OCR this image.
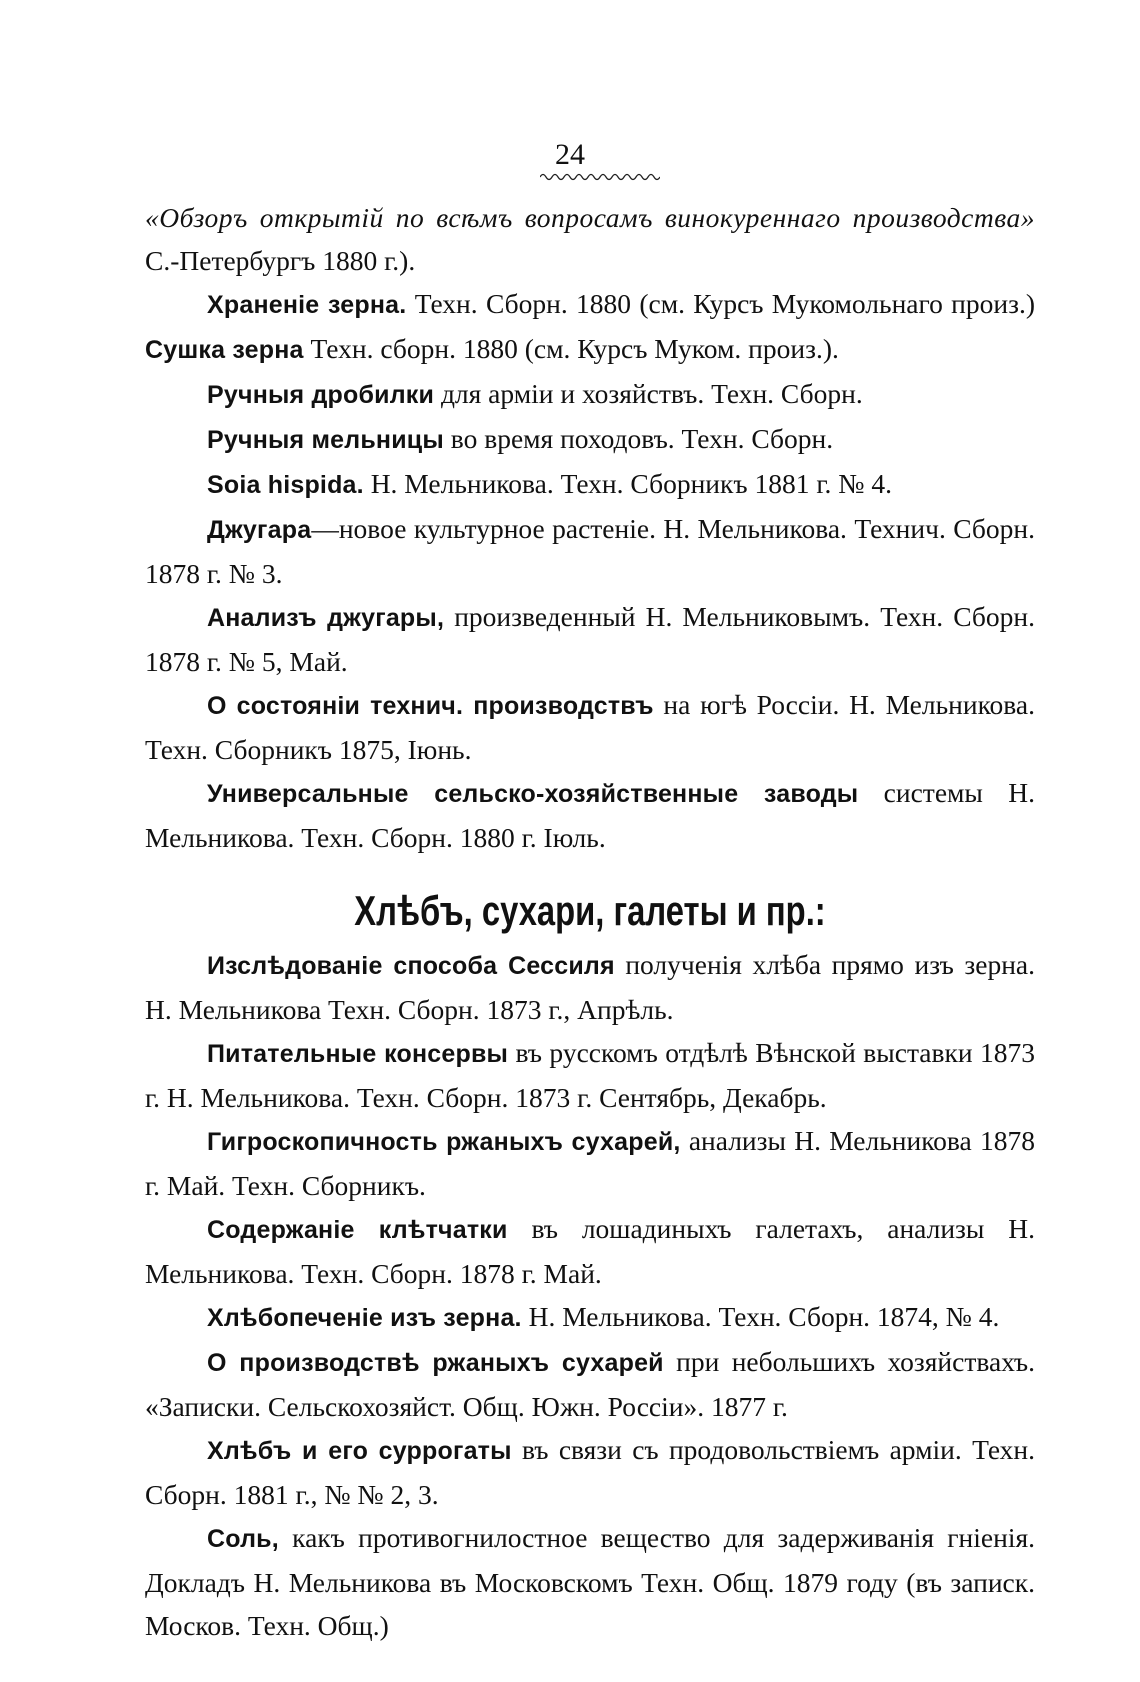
24

«Обзоръ открытій по всѣмъ вопросамъ винокуреннаго производства» С.-Петербургъ 1880 г.).

Храненіе зерна. Техн. Сборн. 1880 (см. Курсъ Мукомольнаго произ.) Сушка зерна Техн. сборн. 1880 (см. Курсъ Муком. произ.).

Ручныя дробилки для арміи и хозяйствъ. Техн. Сборн.

Ручныя мельницы во время походовъ. Техн. Сборн.

Soia hispida. Н. Мельникова. Техн. Сборникъ 1881 г. № 4.

Джугара—новое культурное растеніе. Н. Мельникова. Технич. Сборн. 1878 г. № 3.

Анализъ джугары, произведенный Н. Мельниковымъ. Техн. Сборн. 1878 г. № 5, Май.

О состояніи технич. производствъ на югѣ Россіи. Н. Мельникова. Техн. Сборникъ 1875, Іюнь.

Универсальные сельско-хозяйственные заводы системы Н. Мельникова. Техн. Сборн. 1880 г. Іюль.

Хлѣбъ, сухари, галеты и пр.:

Изслѣдованіе способа Сессиля полученія хлѣба прямо изъ зерна. Н. Мельникова Техн. Сборн. 1873 г., Апрѣль.

Питательные консервы въ русскомъ отдѣлѣ Вѣнской выставки 1873 г. Н. Мельникова. Техн. Сборн. 1873 г. Сентябрь, Декабрь.

Гигроскопичность ржаныхъ сухарей, анализы Н. Мельникова 1878 г. Май. Техн. Сборникъ.

Содержаніе клѣтчатки въ лошадиныхъ галетахъ, анализы Н. Мельникова. Техн. Сборн. 1878 г. Май.

Хлѣбопеченіе изъ зерна. Н. Мельникова. Техн. Сборн. 1874, № 4.

О производствѣ ржаныхъ сухарей при небольшихъ хозяйствахъ. «Записки. Сельскохозяйст. Общ. Южн. Россіи». 1877 г.

Хлѣбъ и его суррогаты въ связи съ продовольствіемъ арміи. Техн. Сборн. 1881 г., № № 2, 3.

Соль, какъ противогнилостное вещество для задерживанія гніенія. Докладъ Н. Мельникова въ Московскомъ Техн. Общ. 1879 году (въ записк. Москов. Техн. Общ.)
